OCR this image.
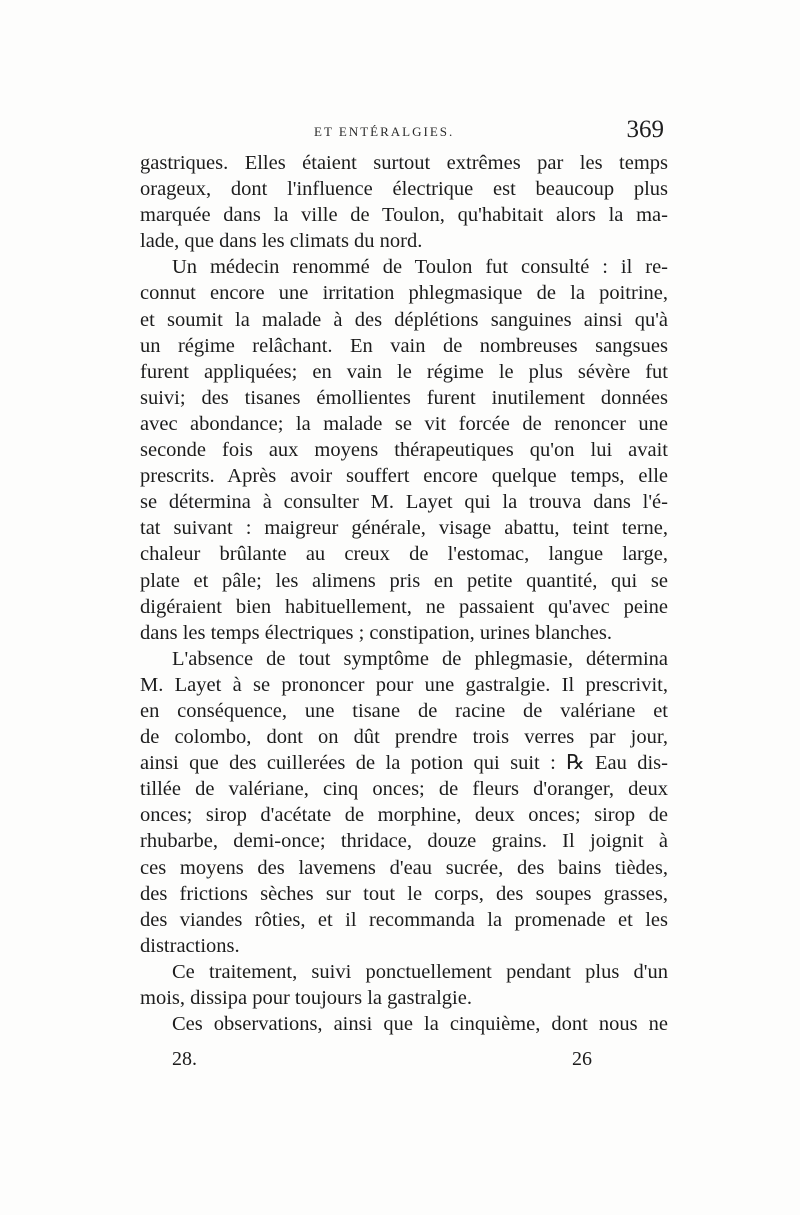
ET ENTÉRALGIES.	369
gastriques. Elles étaient surtout extrêmes par les temps
orageux, dont l'influence électrique est beaucoup plus
marquée dans la ville de Toulon, qu'habitait alors la ma-
lade, que dans les climats du nord.
Un médecin renommé de Toulon fut consulté : il re-
connut encore une irritation phlegmasique de la poitrine,
et soumit la malade à des déplétions sanguines ainsi qu'à
un régime relâchant. En vain de nombreuses sangsues
furent appliquées; en vain le régime le plus sévère fut
suivi; des tisanes émollientes furent inutilement données
avec abondance; la malade se vit forcée de renoncer une
seconde fois aux moyens thérapeutiques qu'on lui avait
prescrits. Après avoir souffert encore quelque temps, elle
se détermina à consulter M. Layet qui la trouva dans l'é-
tat suivant : maigreur générale, visage abattu, teint terne,
chaleur brûlante au creux de l'estomac, langue large,
plate et pâle; les alimens pris en petite quantité, qui se
digéraient bien habituellement, ne passaient qu'avec peine
dans les temps électriques ; constipation, urines blanches.
L'absence de tout symptôme de phlegmasie, détermina
M. Layet à se prononcer pour une gastralgie. Il prescrivit,
en conséquence, une tisane de racine de valériane et
de colombo, dont on dût prendre trois verres par jour,
ainsi que des cuillerées de la potion qui suit : ℞ Eau dis-
tillée de valériane, cinq onces; de fleurs d'oranger, deux
onces; sirop d'acétate de morphine, deux onces; sirop de
rhubarbe, demi-once; thridace, douze grains. Il joignit à
ces moyens des lavemens d'eau sucrée, des bains tièdes,
des frictions sèches sur tout le corps, des soupes grasses,
des viandes rôties, et il recommanda la promenade et les
distractions.
Ce traitement, suivi ponctuellement pendant plus d'un
mois, dissipa pour toujours la gastralgie.
Ces observations, ainsi que la cinquième, dont nous ne
28.	26
